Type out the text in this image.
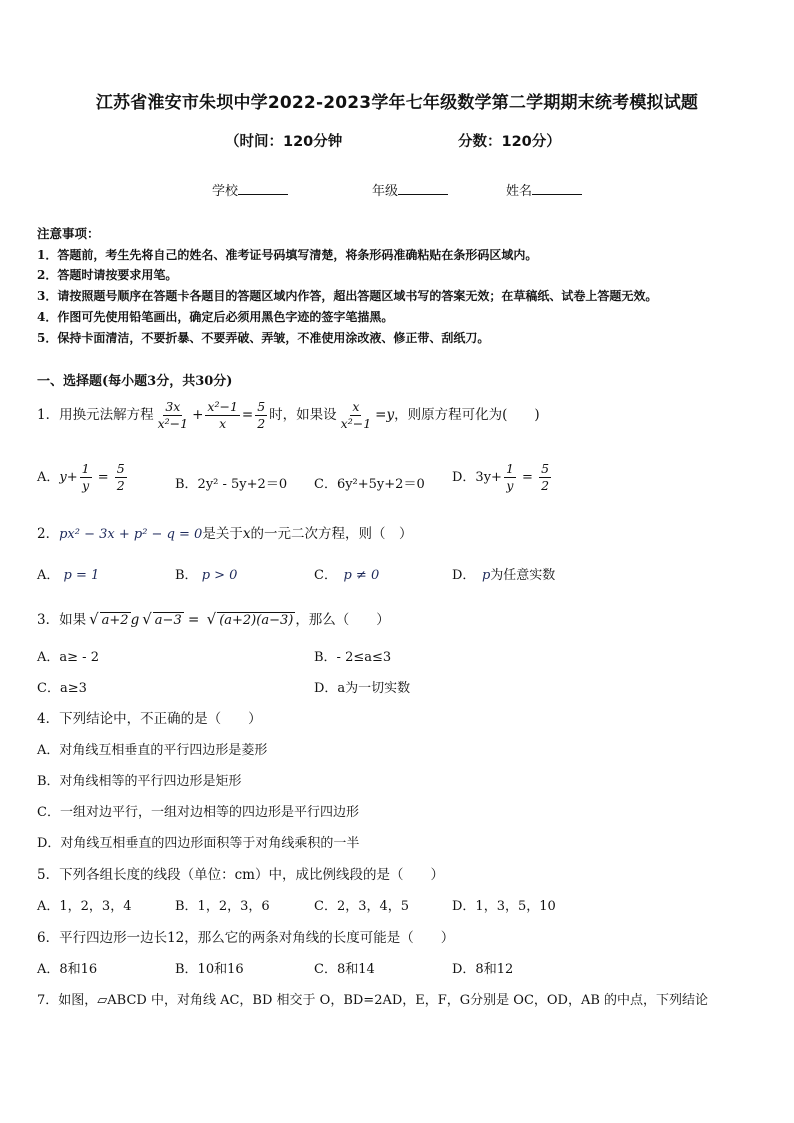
江苏省淮安市朱坝中学2022-2023学年七年级数学第二学期期末统考模拟试题
（时间：120分钟	分数：120分）
学校	年级	姓名
注意事项：
1．答题前，考生先将自己的姓名、准考证号码填写清楚，将条形码准确粘贴在条形码区域内。
2．答题时请按要求用笔。
3．请按照题号顺序在答题卡各题目的答题区域内作答，超出答题区域书写的答案无效；在草稿纸、试卷上答题无效。
4．作图可先使用铅笔画出，确定后必须用黑色字迹的签字笔描黑。
5．保持卡面清洁，不要折暴、不要弄破、弄皱，不准使用涂改液、修正带、刮纸刀。
一、选择题(每小题3分，共30分)
1．用换元法解方程 $\frac{3x}{\text{x²−1}} + \frac{\text{x²−1}}{x} = \frac{5}{2}$ 时，如果设 $\frac{x}{\text{x²−1}} =y$，则原方程可化为(　　)
A．$y+ \frac{1}{y} = \frac{5}{2}$	B．2y² - 5y+2＝0 C．6y²+5y+2＝0 D．$3y+ \frac{1}{y} = \frac{5}{2}$
2．px² − 3x + p² − q = 0是关于x的一元二次方程，则（　）
A． p = 1	B． p > 0	C．　 p ≠ 0	D．　 p为任意实数
3．如果 √ a+2 g √ a−3 = √ (a+2)(a−3) ，那么（　　）
A．a≥ - 2	B．- 2≤a≤3
C．a≥3	D．a为一切实数
4．下列结论中，不正确的是（　　）
A．对角线互相垂直的平行四边形是菱形
B．对角线相等的平行四边形是矩形
C．一组对边平行，一组对边相等的四边形是平行四边形
D．对角线互相垂直的四边形面积等于对角线乘积的一半
5．下列各组长度的线段（单位：cm）中，成比例线段的是（　　）
A．1，2，3，4	B．1，2，3，6	C．2，3，4，5	D．1，3，5，10
6．平行四边形一边长12，那么它的两条对角线的长度可能是（　　）
A．8和16	B．10和16	C．8和14	D．8和12
7．如图，▱ABCD 中，对角线 AC，BD 相交于 O，BD=2AD，E，F，G分别是 OC，OD，AB 的中点，下列结论
